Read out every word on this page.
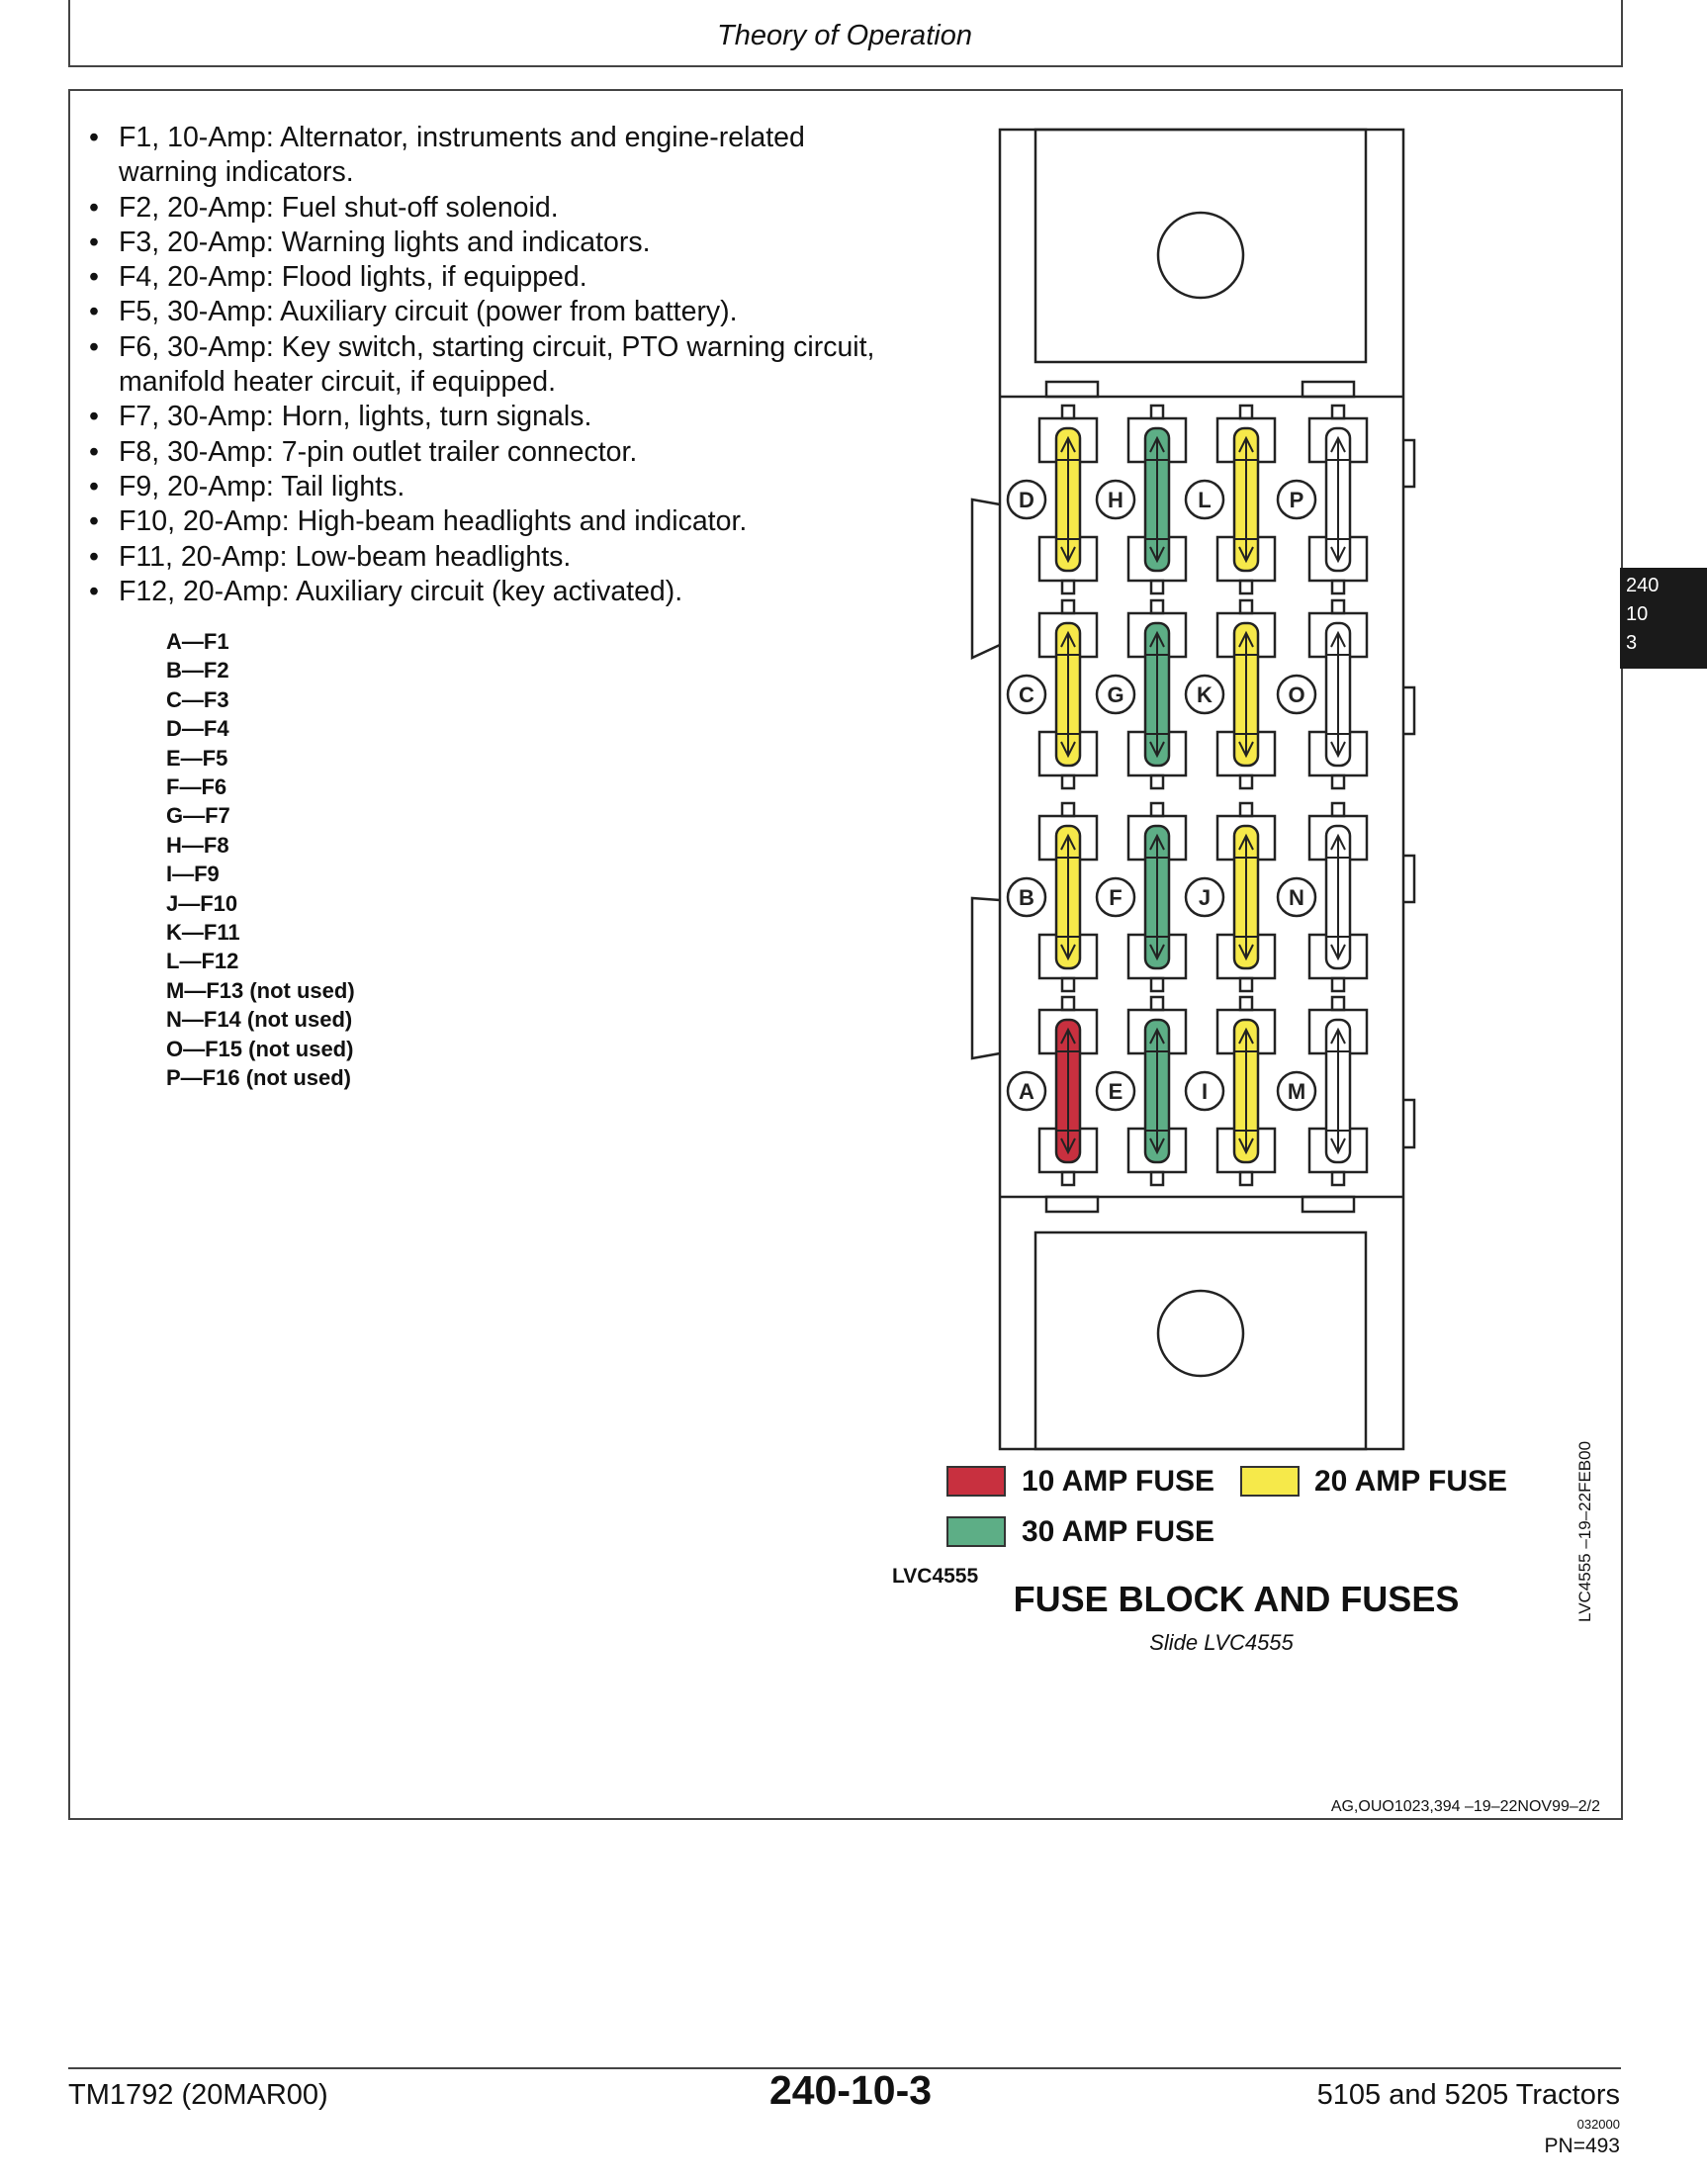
Theory of Operation
• F1, 10-Amp: Alternator, instruments and engine-related warning indicators.
• F2, 20-Amp: Fuel shut-off solenoid.
• F3, 20-Amp: Warning lights and indicators.
• F4, 20-Amp: Flood lights, if equipped.
• F5, 30-Amp: Auxiliary circuit (power from battery).
• F6, 30-Amp: Key switch, starting circuit, PTO warning circuit, manifold heater circuit, if equipped.
• F7, 30-Amp: Horn, lights, turn signals.
• F8, 30-Amp: 7-pin outlet trailer connector.
• F9, 20-Amp: Tail lights.
• F10, 20-Amp: High-beam headlights and indicator.
• F11, 20-Amp: Low-beam headlights.
• F12, 20-Amp: Auxiliary circuit (key activated).
A—F1
B—F2
C—F3
D—F4
E—F5
F—F6
G—F7
H—F8
I—F9
J—F10
K—F11
L—F12
M—F13 (not used)
N—F14 (not used)
O—F15 (not used)
P—F16 (not used)
D	H	L	P
C	G	K	O
B	F	J	N
A	E	I	M
10 AMP FUSE	20 AMP FUSE
30 AMP FUSE
LVC4555
FUSE BLOCK AND FUSES
Slide LVC4555
LVC4555 –19–22FEB00
AG,OUO1023,394 –19–22NOV99–2/2
240
10
3
TM1792 (20MAR00)	240-10-3	5105 and 5205 Tractors
032000
PN=493
